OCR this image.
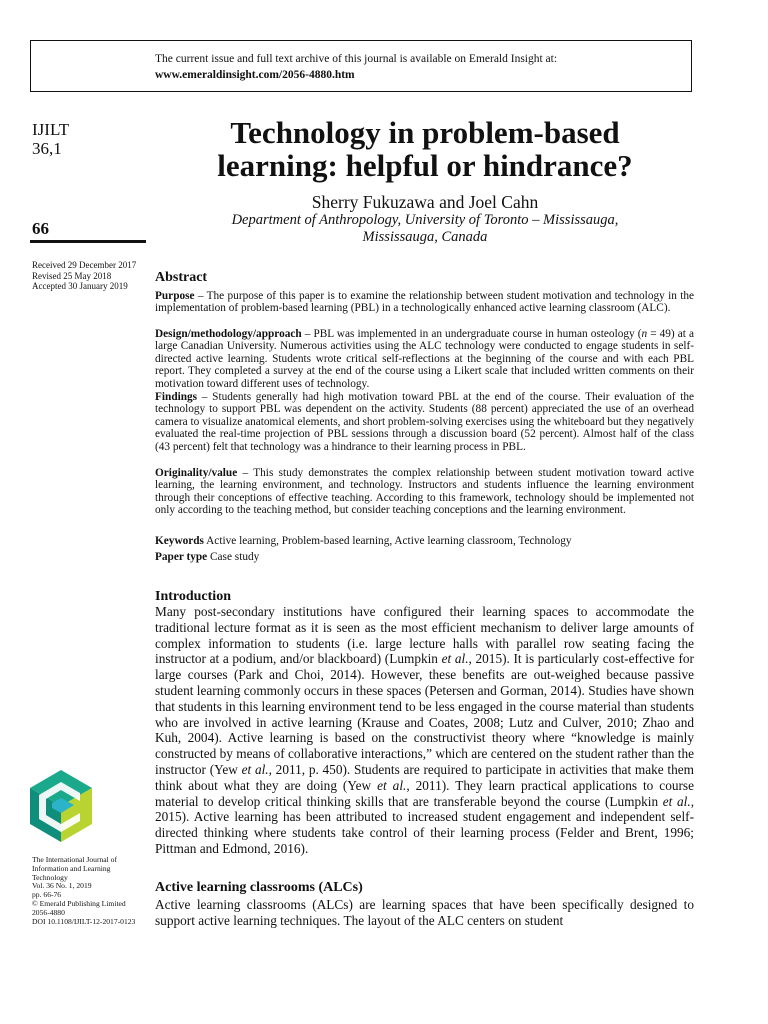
The current issue and full text archive of this journal is available on Emerald Insight at:
www.emeraldinsight.com/2056-4880.htm
IJILT
36,1
66
Received 29 December 2017
Revised 25 May 2018
Accepted 30 January 2019
The International Journal of
Information and Learning
Technology
Vol. 36 No. 1, 2019
pp. 66-76
© Emerald Publishing Limited
2056-4880
DOI 10.1108/IJILT-12-2017-0123
Technology in problem-based
learning: helpful or hindrance?
Sherry Fukuzawa and Joel Cahn
Department of Anthropology, University of Toronto – Mississauga,
Mississauga, Canada
Abstract
Purpose – The purpose of this paper is to examine the relationship between student motivation and technology in the implementation of problem-based learning (PBL) in a technologically enhanced active learning classroom (ALC).
Design/methodology/approach – PBL was implemented in an undergraduate course in human osteology (n = 49) at a large Canadian University. Numerous activities using the ALC technology were conducted to engage students in self-directed active learning. Students wrote critical self-reflections at the beginning of the course and with each PBL report. They completed a survey at the end of the course using a Likert scale that included written comments on their motivation toward different uses of technology.
Findings – Students generally had high motivation toward PBL at the end of the course. Their evaluation of the technology to support PBL was dependent on the activity. Students (88 percent) appreciated the use of an overhead camera to visualize anatomical elements, and short problem-solving exercises using the whiteboard but they negatively evaluated the real-time projection of PBL sessions through a discussion board (52 percent). Almost half of the class (43 percent) felt that technology was a hindrance to their learning process in PBL.
Originality/value – This study demonstrates the complex relationship between student motivation toward active learning, the learning environment, and technology. Instructors and students influence the learning environment through their conceptions of effective teaching. According to this framework, technology should be implemented not only according to the teaching method, but consider teaching conceptions and the learning environment.
Keywords Active learning, Problem-based learning, Active learning classroom, Technology
Paper type Case study
Introduction
Many post-secondary institutions have configured their learning spaces to accommodate the traditional lecture format as it is seen as the most efficient mechanism to deliver large amounts of complex information to students (i.e. large lecture halls with parallel row seating facing the instructor at a podium, and/or blackboard) (Lumpkin et al., 2015). It is particularly cost-effective for large courses (Park and Choi, 2014). However, these benefits are out-weighed because passive student learning commonly occurs in these spaces (Petersen and Gorman, 2014). Studies have shown that students in this learning environment tend to be less engaged in the course material than students who are involved in active learning (Krause and Coates, 2008; Lutz and Culver, 2010; Zhao and Kuh, 2004). Active learning is based on the constructivist theory where “knowledge is mainly constructed by means of collaborative interactions,” which are centered on the student rather than the instructor (Yew et al., 2011, p. 450). Students are required to participate in activities that make them think about what they are doing (Yew et al., 2011). They learn practical applications to course material to develop critical thinking skills that are transferable beyond the course (Lumpkin et al., 2015). Active learning has been attributed to increased student engagement and independent self-directed thinking where students take control of their learning process (Felder and Brent, 1996; Pittman and Edmond, 2016).
Active learning classrooms (ALCs)
Active learning classrooms (ALCs) are learning spaces that have been specifically designed to support active learning techniques. The layout of the ALC centers on student
